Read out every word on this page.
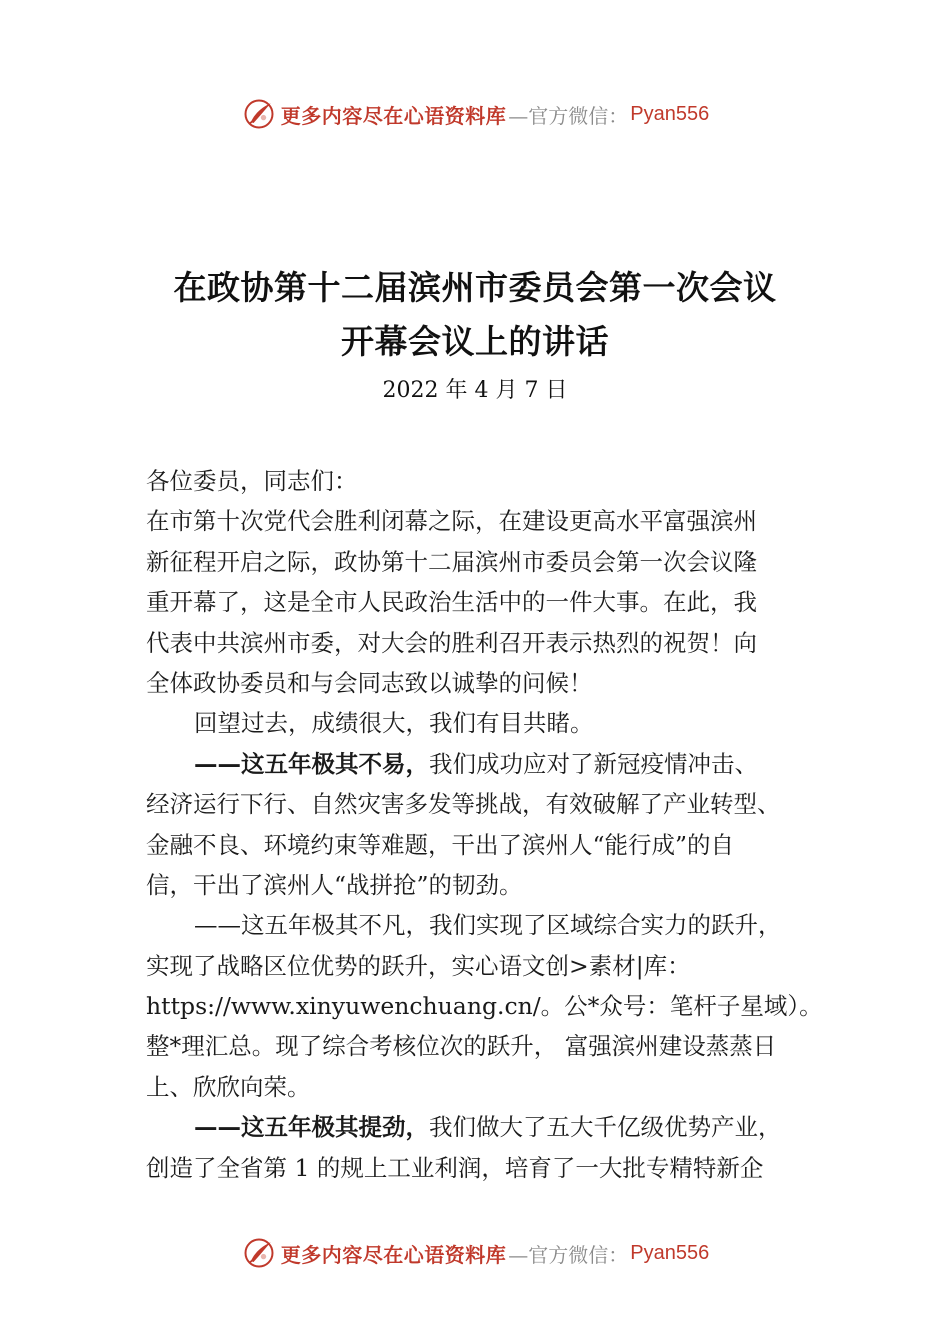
更多内容尽在心语资料库 —官方微信： Pyan556
在政协第十二届滨州市委员会第一次会议
开幕会议上的讲话
2022 年 4 月 7 日
各位委员，同志们：
在市第十次党代会胜利闭幕之际，在建设更高水平富强滨州
新征程开启之际，政协第十二届滨州市委员会第一次会议隆
重开幕了，这是全市人民政治生活中的一件大事。在此，我
代表中共滨州市委，对大会的胜利召开表示热烈的祝贺！向
全体政协委员和与会同志致以诚挚的问候！
回望过去，成绩很大，我们有目共睹。
——这五年极其不易，我们成功应对了新冠疫情冲击、
经济运行下行、自然灾害多发等挑战，有效破解了产业转型、
金融不良、环境约束等难题，干出了滨州人“能行成”的自
信，干出了滨州人“战拼抢”的韧劲。
——这五年极其不凡，我们实现了区域综合实力的跃升，
实现了战略区位优势的跃升，实心语文创>素材|库：
https://www.xinyuwenchuang.cn/。公*众号：笔杆子星域）。
整*理汇总。现了综合考核位次的跃升， 富强滨州建设蒸蒸日
上、欣欣向荣。
——这五年极其提劲，我们做大了五大千亿级优势产业，
创造了全省第 1 的规上工业利润，培育了一大批专精特新企
更多内容尽在心语资料库 —官方微信： Pyan556
